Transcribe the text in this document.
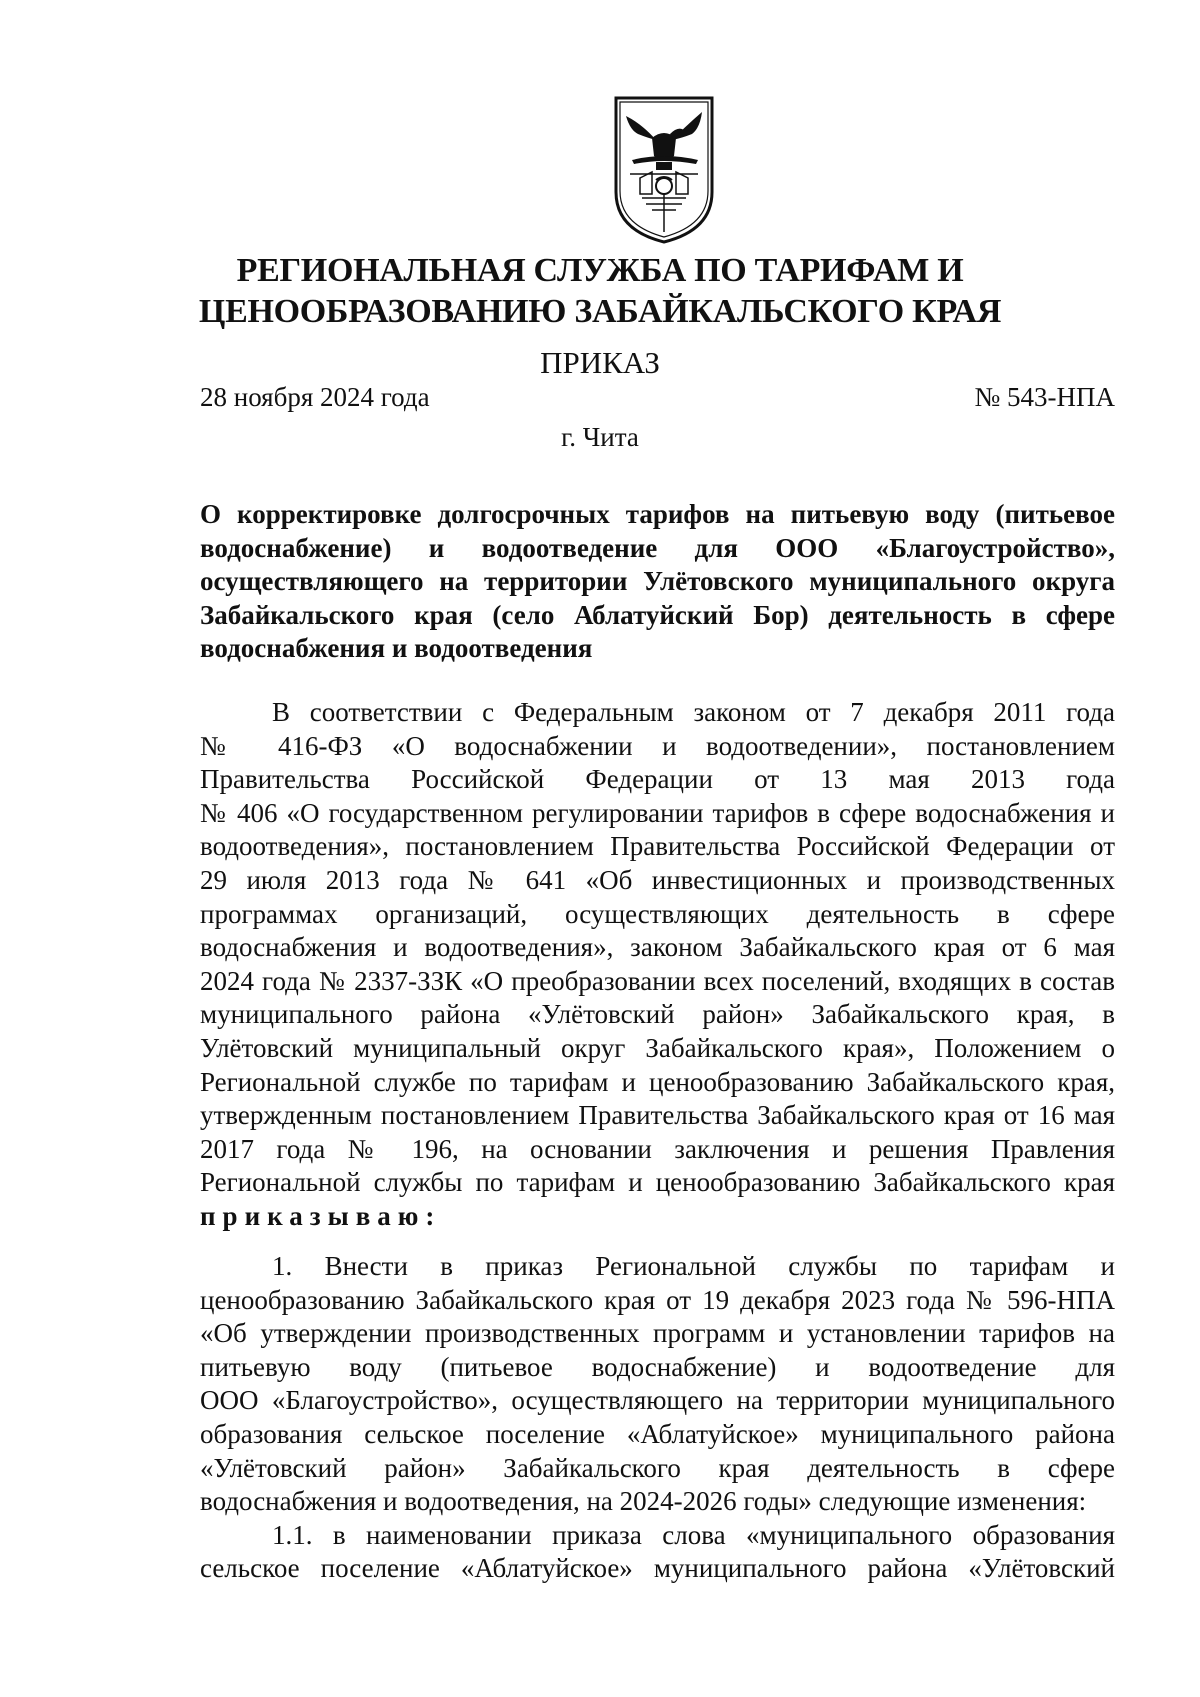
РЕГИОНАЛЬНАЯ СЛУЖБА ПО ТАРИФАМ И
ЦЕНООБРАЗОВАНИЮ ЗАБАЙКАЛЬСКОГО КРАЯ
ПРИКАЗ
28 ноября 2024 года	№ 543-НПА
г. Чита
О корректировке долгосрочных тарифов на питьевую воду (питьевое
водоснабжение) и водоотведение для ООО «Благоустройство»,
осуществляющего на территории Улётовского муниципального округа
Забайкальского края (село Аблатуйский Бор) деятельность в сфере
водоснабжения и водоотведения
В соответствии с Федеральным законом от 7 декабря 2011 года
№ 416-ФЗ «О водоснабжении и водоотведении», постановлением
Правительства Российской Федерации от 13 мая 2013 года
№ 406 «О государственном регулировании тарифов в сфере водоснабжения и
водоотведения», постановлением Правительства Российской Федерации от
29 июля 2013 года № 641 «Об инвестиционных и производственных
программах организаций, осуществляющих деятельность в сфере
водоснабжения и водоотведения», законом Забайкальского края от 6 мая
2024 года № 2337-ЗЗК «О преобразовании всех поселений, входящих в состав
муниципального района «Улётовский район» Забайкальского края, в
Улётовский муниципальный округ Забайкальского края», Положением о
Региональной службе по тарифам и ценообразованию Забайкальского края,
утвержденным постановлением Правительства Забайкальского края от 16 мая
2017 года № 196, на основании заключения и решения Правления
Региональной службы по тарифам и ценообразованию Забайкальского края
приказываю:
1. Внести в приказ Региональной службы по тарифам и
ценообразованию Забайкальского края от 19 декабря 2023 года № 596-НПА
«Об утверждении производственных программ и установлении тарифов на
питьевую воду (питьевое водоснабжение) и водоотведение для
ООО «Благоустройство», осуществляющего на территории муниципального
образования сельское поселение «Аблатуйское» муниципального района
«Улётовский район» Забайкальского края деятельность в сфере
водоснабжения и водоотведения, на 2024-2026 годы» следующие изменения:
1.1. в наименовании приказа слова «муниципального образования
сельское поселение «Аблатуйское» муниципального района «Улётовский
